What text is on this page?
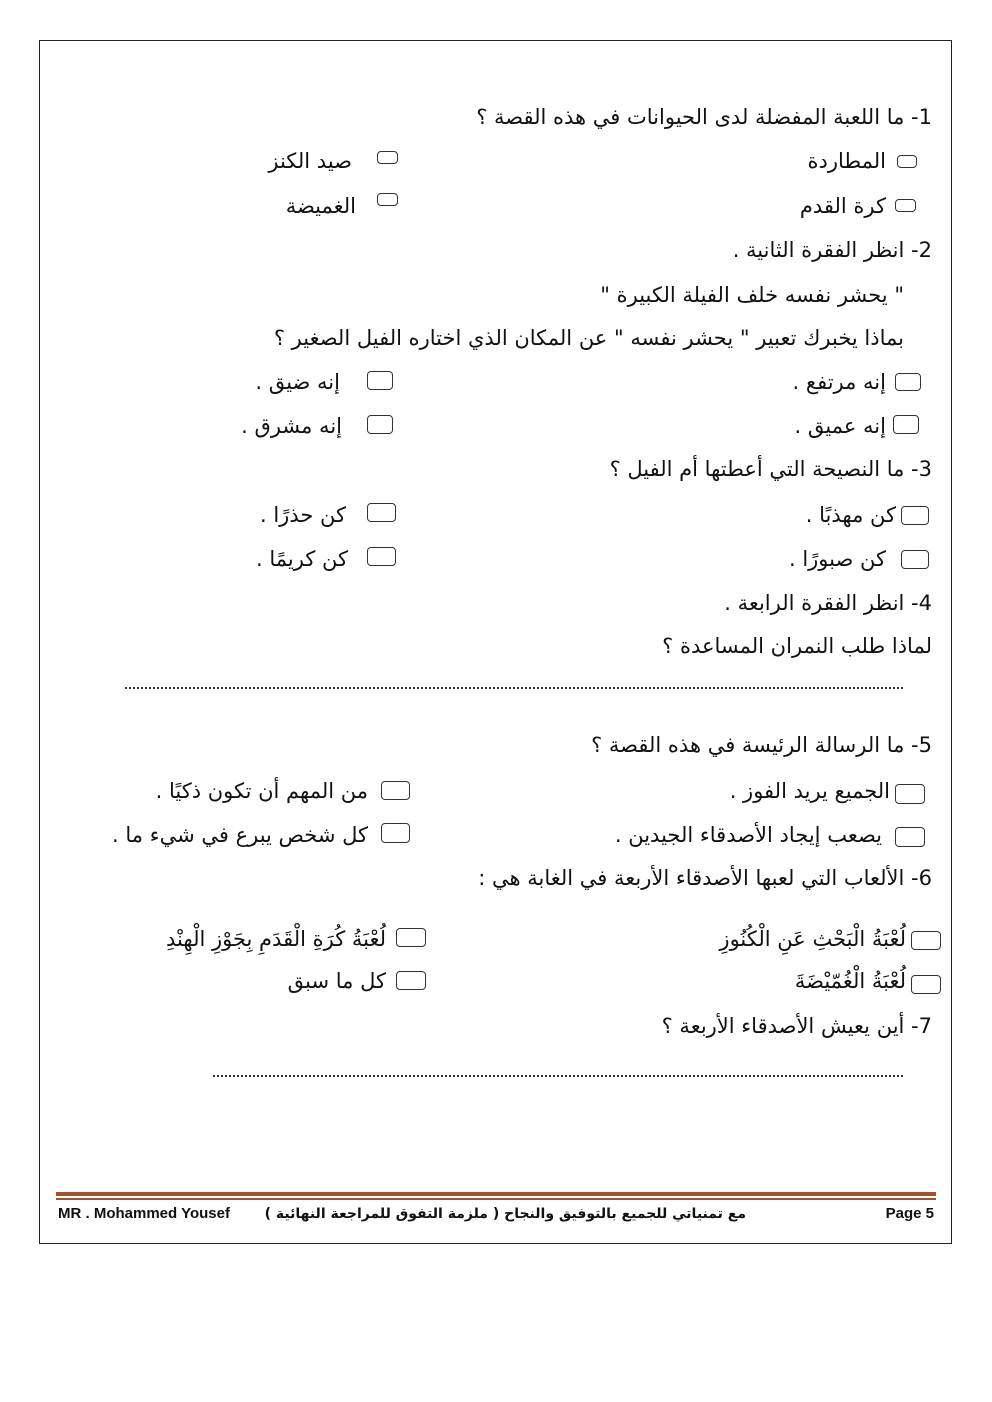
1- ما اللعبة المفضلة لدى الحيوانات في هذه القصة ؟
المطاردة
صيد الكنز
كرة القدم
الغميضة
2- انظر الفقرة الثانية .
" يحشر نفسه خلف الفيلة الكبيرة "
بماذا يخبرك تعبير " يحشر نفسه " عن المكان الذي اختاره الفيل الصغير ؟
إنه مرتفع .
إنه ضيق .
إنه عميق .
إنه مشرق .
3- ما النصيحة التي أعطتها أم الفيل ؟
كن مهذبًا .
كن حذرًا .
كن صبورًا .
كن كريمًا .
4- انظر الفقرة الرابعة .
لماذا طلب النمران المساعدة ؟
5- ما الرسالة الرئيسة في هذه القصة ؟
الجميع يريد الفوز .
من المهم أن تكون ذكيًا .
يصعب إيجاد الأصدقاء الجيدين .
كل شخص يبرع في شيء ما .
6- الألعاب التي لعبها الأصدقاء الأربعة في الغابة هي :
لُعْبَةُ الْبَحْثِ عَنِ الْكُنُوزِ
لُعْبَةُ كُرَةِ الْقَدَمِ بِجَوْزِ الْهِنْدِ
لُعْبَةُ الْغُمّيْضَةَ
كل ما سبق
7- أين يعيش الأصدقاء الأربعة ؟
MR . Mohammed Yousef مع تمنياتي للجميع بالتوفيق والنجاح ( ملزمة التفوق للمراجعة النهائية )	Page 5
